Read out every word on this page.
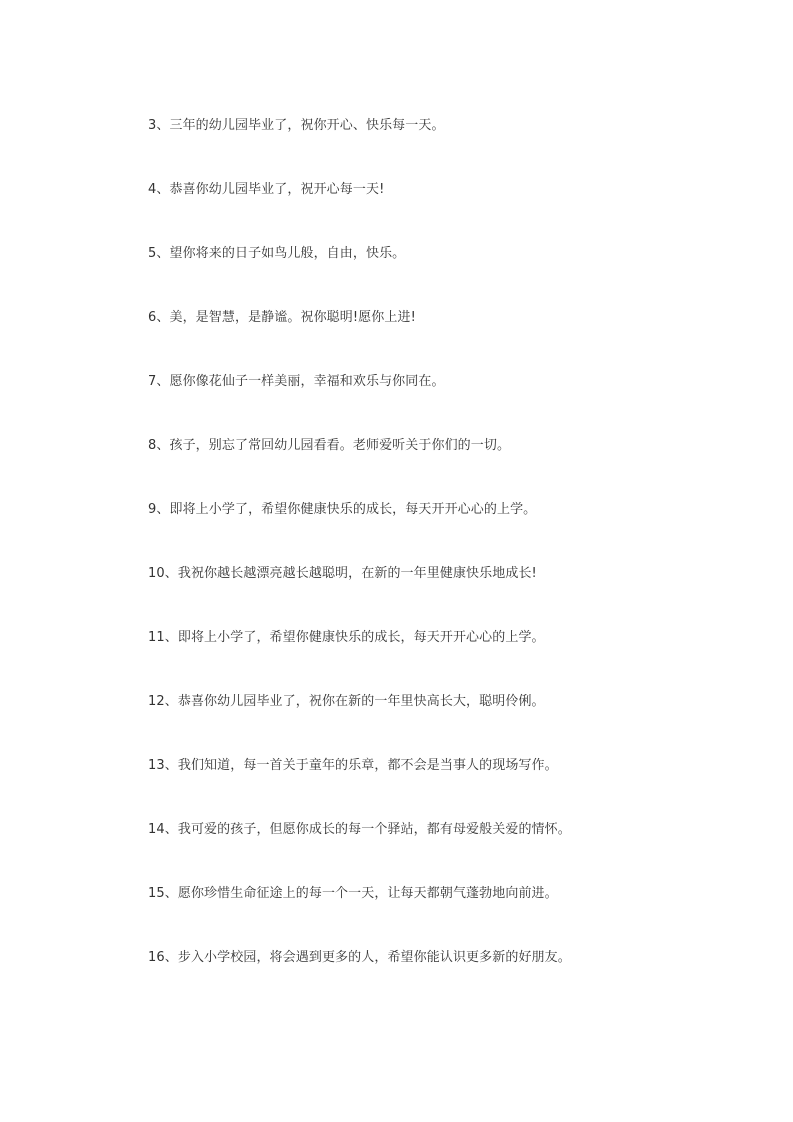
3、三年的幼儿园毕业了，祝你开心、快乐每一天。
4、恭喜你幼儿园毕业了，祝开心每一天!
5、望你将来的日子如鸟儿般，自由，快乐。
6、美，是智慧，是静谧。祝你聪明!愿你上进!
7、愿你像花仙子一样美丽，幸福和欢乐与你同在。
8、孩子，别忘了常回幼儿园看看。老师爱听关于你们的一切。
9、即将上小学了，希望你健康快乐的成长，每天开开心心的上学。
10、我祝你越长越漂亮越长越聪明，在新的一年里健康快乐地成长!
11、即将上小学了，希望你健康快乐的成长，每天开开心心的上学。
12、恭喜你幼儿园毕业了，祝你在新的一年里快高长大，聪明伶俐。
13、我们知道，每一首关于童年的乐章，都不会是当事人的现场写作。
14、我可爱的孩子，但愿你成长的每一个驿站，都有母爱般关爱的情怀。
15、愿你珍惜生命征途上的每一个一天，让每天都朝气蓬勃地向前进。
16、步入小学校园，将会遇到更多的人，希望你能认识更多新的好朋友。
